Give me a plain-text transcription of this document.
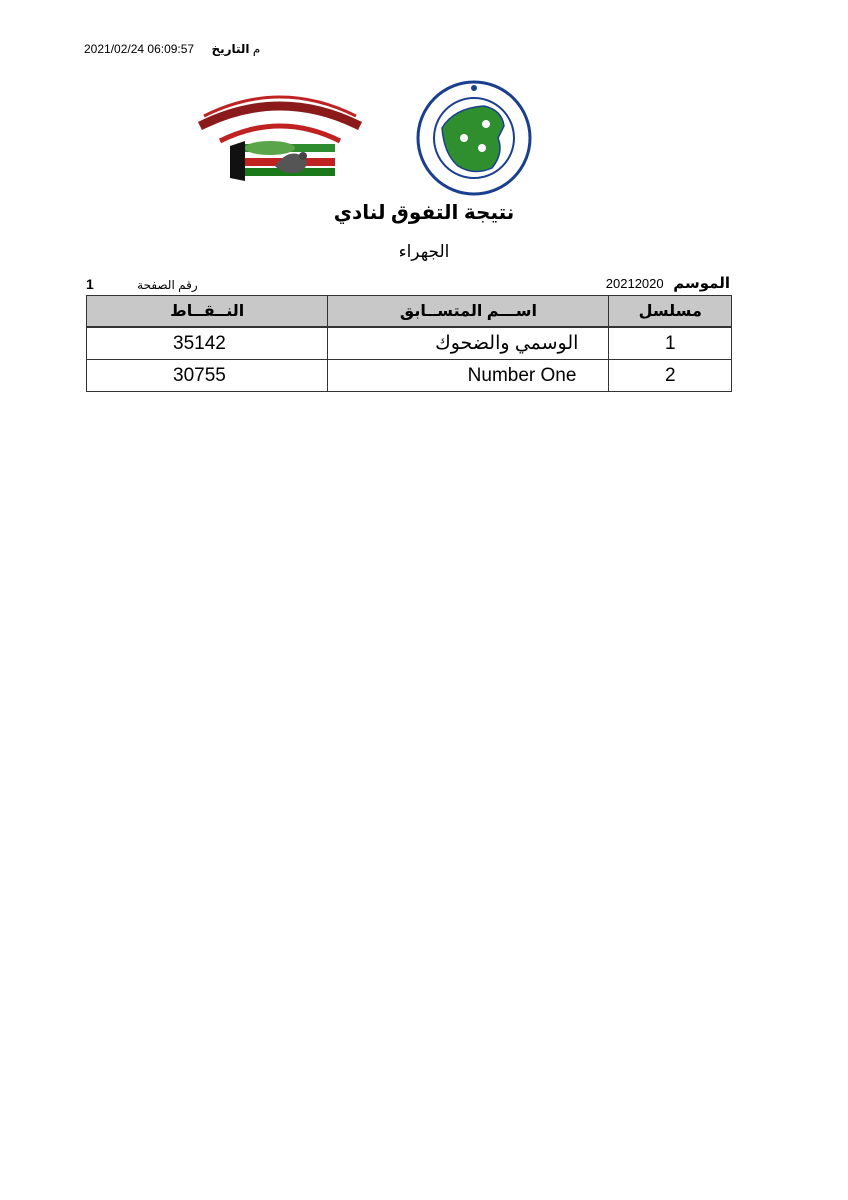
2021/02/24 06:09:57 م التاريخ
نتيجة التفوق لنادي
الجهراء
الموسم 20212020
رقم الصفحة 1
مسلسل	اســـم المتســابق	النــقــاط
1	الوسمي والضحوك	35142
2	Number One	30755
